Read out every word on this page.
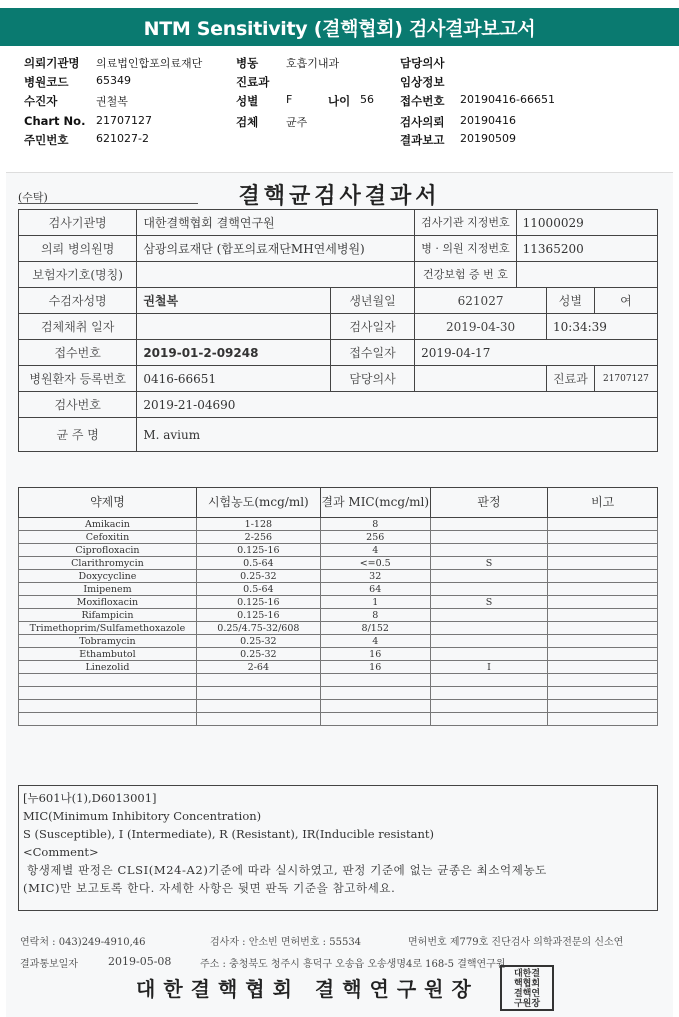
NTM Sensitivity (결핵협회) 검사결과보고서
의뢰기관명 의료법인합포의료재단	병동	호흡기내과	담당의사
병원코드	65349	진료과	임상정보
수진자	권철복	성별	F	나이 56 접수번호 20190416-66651
Chart No. 21707127	검체	균주	검사의뢰 20190416
주민번호	621027-2	결과보고 20190509
(수탁)	결핵균검사결과서
검사기관명	대한결핵협회 결핵연구원		검사기관 지정번호	11000029		
의뢰 병의원명	삼광의료재단 (합포의료재단MH연세병원)		병 · 의원 지정번호	11365200		
보험자기호(명칭)			건강보험 증 번 호			
수검자성명	권철복	생년월일	621027		성별	여
검체채취 일자		검사일자	2019-04-30		10:34:39	
접수번호	2019-01-2-09248	접수일자	2019-04-17			
병원환자 등록번호	0416-66651	담당의사			진료과	21707127
검사번호	2019-21-04690					
균 주 명	M. avium					
약제명	시험농도(mcg/ml)	결과 MIC(mcg/ml)	판정	비고
Amikacin	1-128	8		
Cefoxitin	2-256	256		
Ciprofloxacin	0.125-16	4		
Clarithromycin	0.5-64	<=0.5	S	
Doxycycline	0.25-32	32		
Imipenem	0.5-64	64		
Moxifloxacin	0.125-16	1	S	
Rifampicin	0.125-16	8		
Trimethoprim/Sulfamethoxazole	0.25/4.75-32/608	8/152		
Tobramycin	0.25-32	4		
Ethambutol	0.25-32	16		
Linezolid	2-64	16	I	

[누601나(1),D6013001]
MIC(Minimum Inhibitory Concentration)
S (Susceptible), I (Intermediate), R (Resistant), IR(Inducible resistant)
<Comment>
항생제별 판정은 CLSI(M24-A2)기준에 따라 실시하였고, 판정 기준에 없는 균종은 최소억제농도
(MIC)만 보고토록 한다. 자세한 사항은 뒷면 판독 기준을 참고하세요.
연락처 : 043)249-4910,46	검사자 : 안소빈 면허번호 : 55534	면허번호 제779호 진단검사 의학과전문의 신소연
결과통보일자	2019-05-08	주소 : 충청북도 청주시 흥덕구 오송읍 오송생명4로 168-5 결핵연구원
대한결핵협회 결핵연구원장
대한결
핵협회
결핵연
구원장
